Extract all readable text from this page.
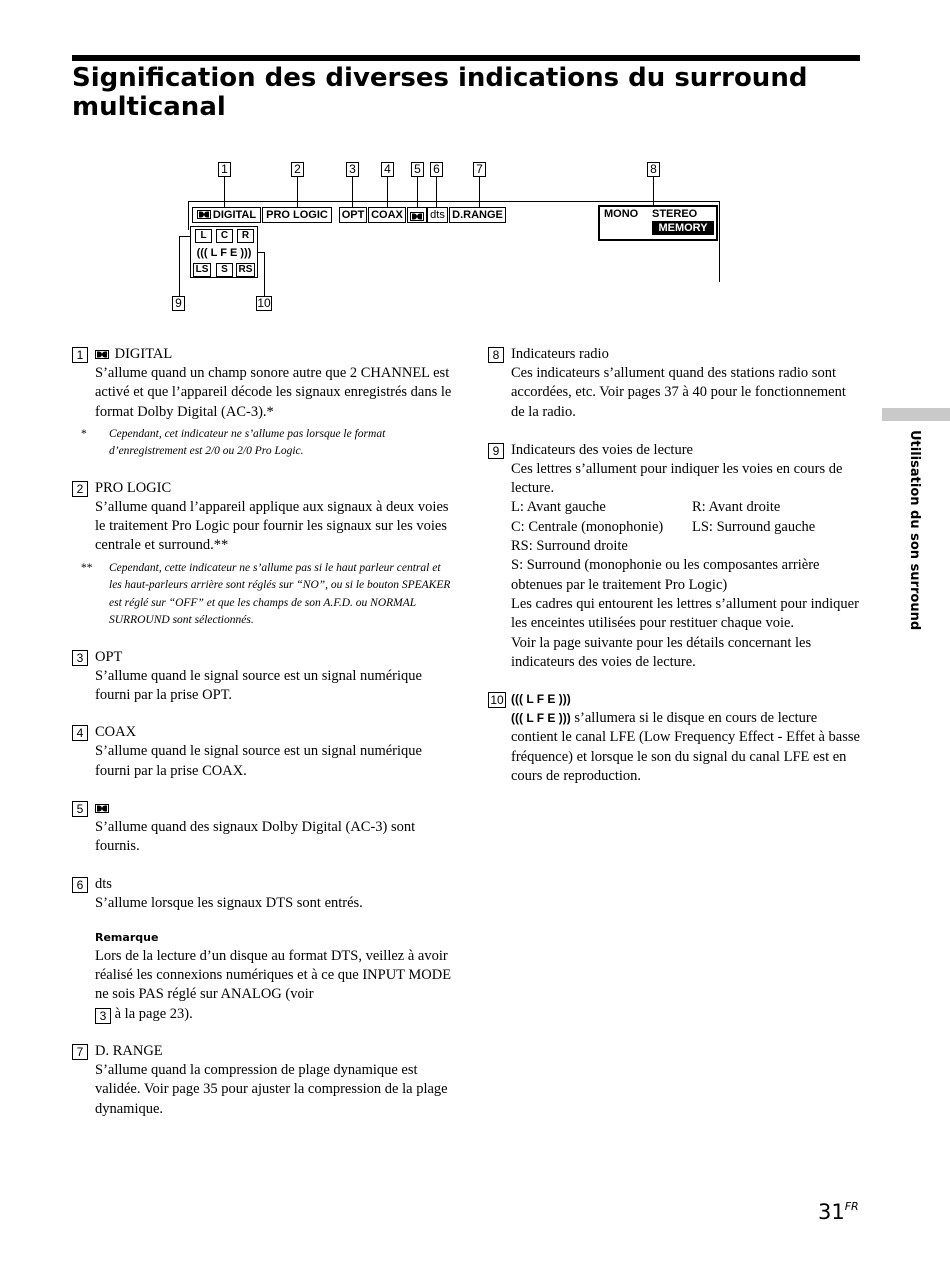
Signification des diverses indications du surround multicanal
Utilisation du son surround
1	2	3 4 5 6	7	8
9	10
DIGITAL PRO LOGIC	OPT COAX dts D.RANGE	MONO STEREO
MEMORY
L	C	R
((( L F E )))
LS	S	RS
1	DIGITAL
S’allume quand un champ sonore autre que 2 CHANNEL est activé et que l’appareil décode les signaux enregistrés dans le format Dolby Digital (AC-3).*
* Cependant, cet indicateur ne s’allume pas lorsque le format d’enregistrement est 2/0 ou 2/0 Pro Logic.
2 PRO LOGIC
S’allume quand l’appareil applique aux signaux à deux voies le traitement Pro Logic pour fournir les signaux sur les voies centrale et surround.**
** Cependant, cette indicateur ne s’allume pas si le haut parleur central et les haut-parleurs arrière sont réglés sur “NO”, ou si le bouton SPEAKER est réglé sur “OFF” et que les champs de son A.F.D. ou NORMAL SURROUND sont sélectionnés.
3 OPT
S’allume quand le signal source est un signal numérique fourni par la prise OPT.
4 COAX
S’allume quand le signal source est un signal numérique fourni par la prise COAX.
5
S’allume quand des signaux Dolby Digital (AC-3) sont fournis.
6 dts
S’allume lorsque les signaux DTS sont entrés.
Remarque
Lors de la lecture d’un disque au format DTS, veillez à avoir réalisé les connexions numériques et à ce que INPUT MODE ne sois PAS réglé sur ANALOG (voir
3 à la page 23).
7 D. RANGE
S’allume quand la compression de plage dynamique est validée. Voir page 35 pour ajuster la compression de la plage dynamique.
8 Indicateurs radio
Ces indicateurs s’allument quand des stations radio sont accordées, etc. Voir pages 37 à 40 pour le fonctionnement de la radio.
9 Indicateurs des voies de lecture

Ces lettres s’allument pour indiquer les voies en cours de lecture.

L: Avant gauche	R: Avant droite

C: Centrale (monophonie)	LS: Surround gauche

RS: Surround droite

S: Surround (monophonie ou les composantes arrière obtenues par le traitement Pro Logic)

Les cadres qui entourent les lettres s’allument pour indiquer les enceintes utilisées pour restituer chaque voie.

Voir la page suivante pour les détails concernant les indicateurs des voies de lecture.

10 ((( L F E )))
((( L F E ))) s’allumera si le disque en cours de lecture contient le canal LFE (Low Frequency Effect - Effet à basse fréquence) et lorsque le son du signal du canal LFE est en cours de reproduction.
$31^{FR}$
